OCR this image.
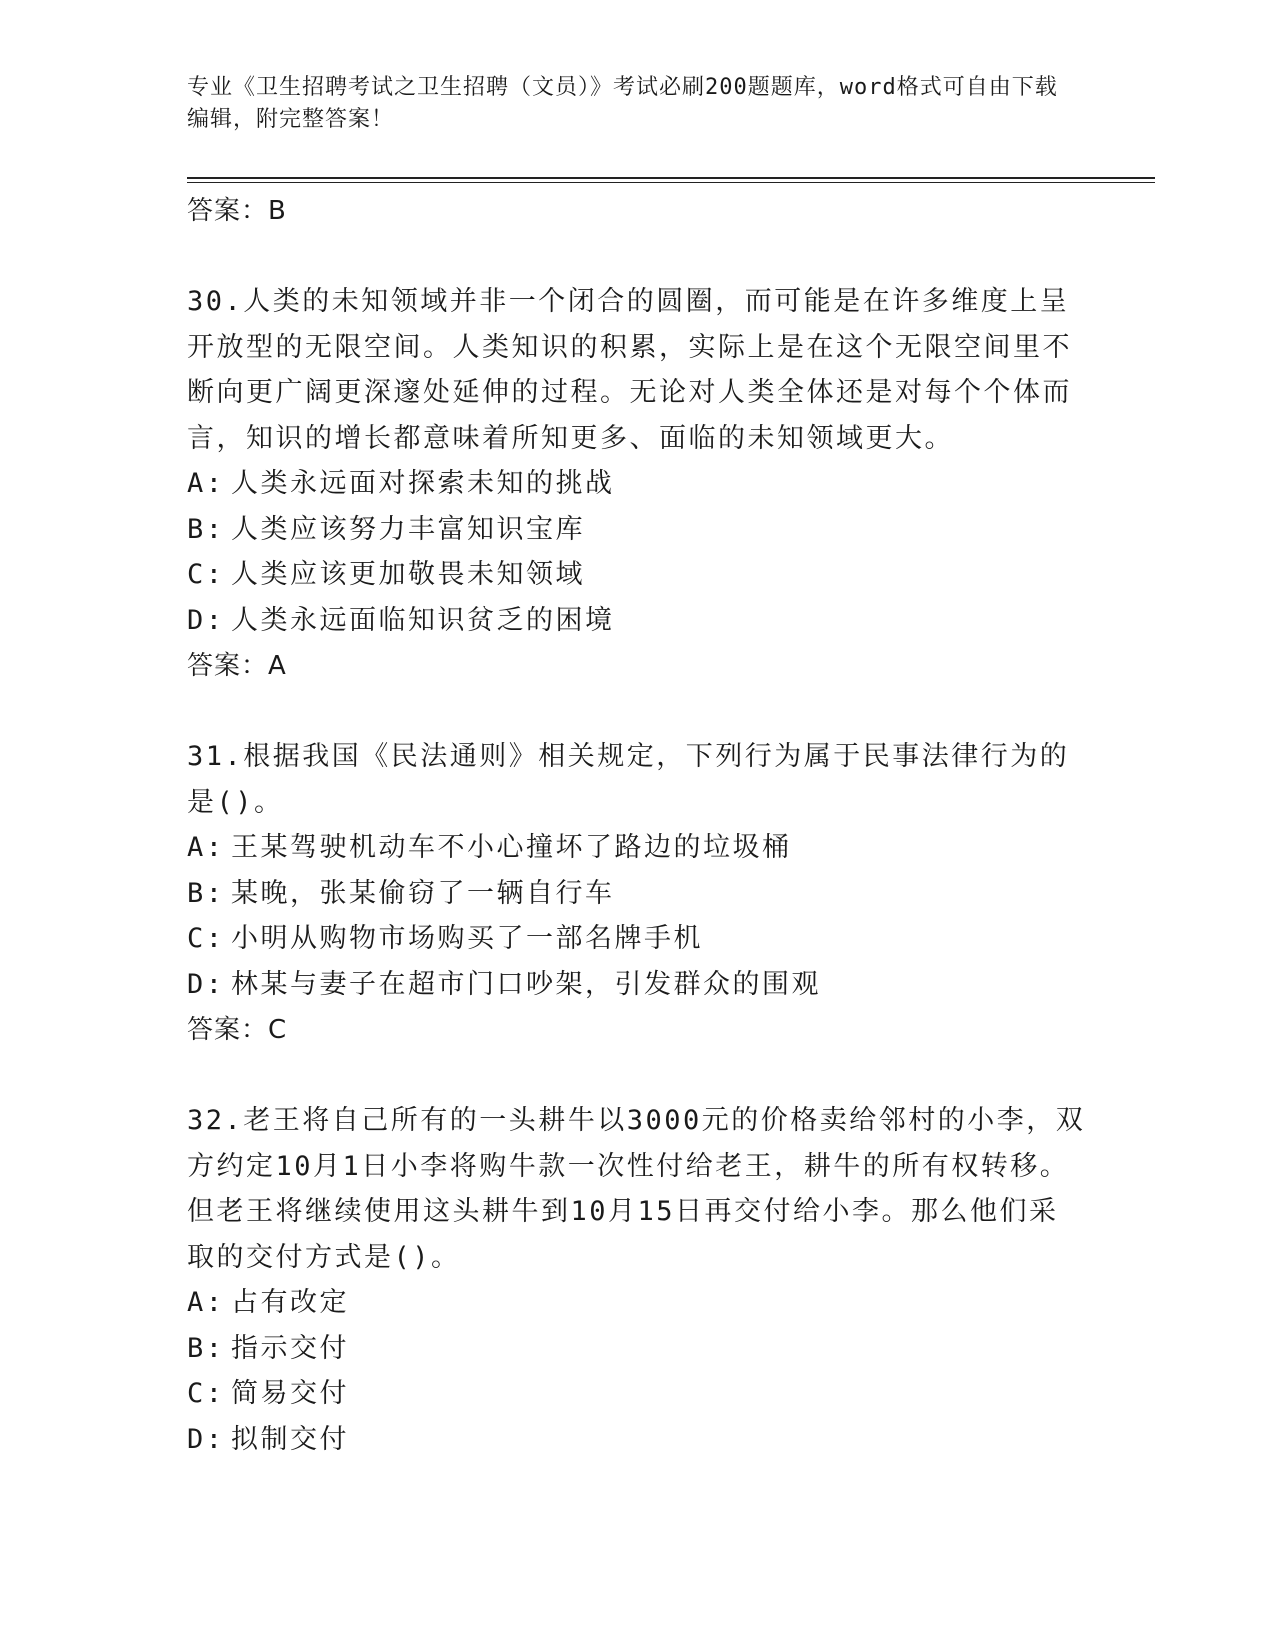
专业《卫生招聘考试之卫生招聘（文员）》考试必刷200题题库，word格式可自由下载编辑，附完整答案！

答案：B

30.人类的未知领域并非一个闭合的圆圈，而可能是在许多维度上呈开放型的无限空间。人类知识的积累，实际上是在这个无限空间里不断向更广阔更深邃处延伸的过程。无论对人类全体还是对每个个体而言，知识的增长都意味着所知更多、面临的未知领域更大。

A: 人类永远面对探索未知的挑战
B: 人类应该努力丰富知识宝库
C: 人类应该更加敬畏未知领域
D: 人类永远面临知识贫乏的困境
答案：A

31.根据我国《民法通则》相关规定，下列行为属于民事法律行为的是()。

A: 王某驾驶机动车不小心撞坏了路边的垃圾桶
B: 某晚，张某偷窃了一辆自行车
C: 小明从购物市场购买了一部名牌手机
D: 林某与妻子在超市门口吵架，引发群众的围观
答案：C

32.老王将自己所有的一头耕牛以3000元的价格卖给邻村的小李，双方约定10月1日小李将购牛款一次性付给老王，耕牛的所有权转移。但老王将继续使用这头耕牛到10月15日再交付给小李。那么他们采取的交付方式是()。

A: 占有改定
B: 指示交付
C: 简易交付
D: 拟制交付
